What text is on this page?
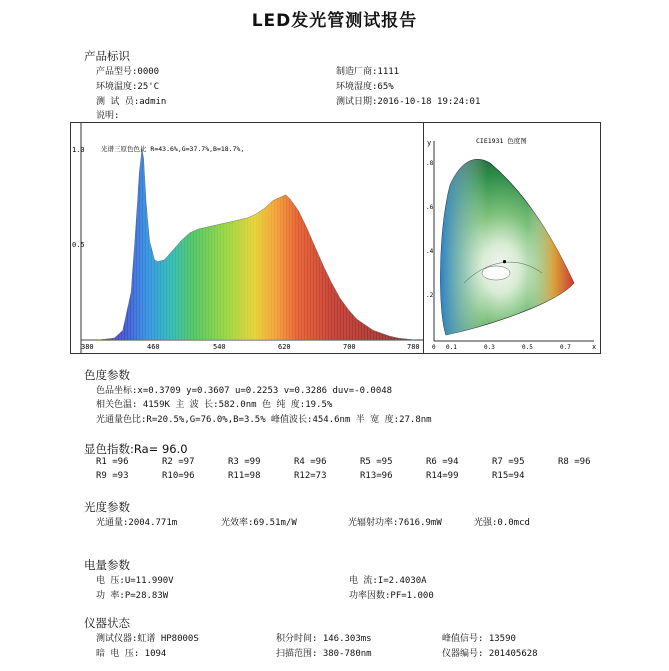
LED发光管测试报告
产品标识
产品型号:0000	制造厂商:1111
环境温度:25'C	环境湿度:65%
测 试 员:admin	测试日期:2016-10-18 19:24:01
说明:
光谱三原色色比 R=43.6%,G=37.7%,B=18.7%,
1.0
0.5
380	460	540	620	700	780
y
x
CIE1931 色度图
.8
.6
.4
.2
0 0.1	0.3	0.5	0.7
色度参数
色品坐标:x=0.3709 y=0.3607 u=0.2253 v=0.3286 duv=-0.0048
相关色温: 4159K 主 波 长:582.0nm 色 纯 度:19.5%
光通量色比:R=20.5%,G=76.0%,B=3.5% 峰值波长:454.6nm 半 宽 度:27.8nm
显色指数:Ra= 96.0
R1 =96	R2 =97	R3 =99	R4 =96	R5 =95	R6 =94	R7 =95	R8 =96
R9 =93	R10=96	R11=98	R12=73	R13=96	R14=99	R15=94
光度参数
光通量:2004.771m	光效率:69.51m/W	光辐射功率:7616.9mW	光强:0.0mcd
电量参数
电 压:U=11.990V	电 流:I=2.4030A
功 率:P=28.83W	功率因数:PF=1.000
仪器状态
测试仪器:虹谱 HP8000S	积分时间: 146.303ms	峰值信号: 13590
暗 电 压: 1094	扫描范围: 380-780nm	仪器编号: 201405628
